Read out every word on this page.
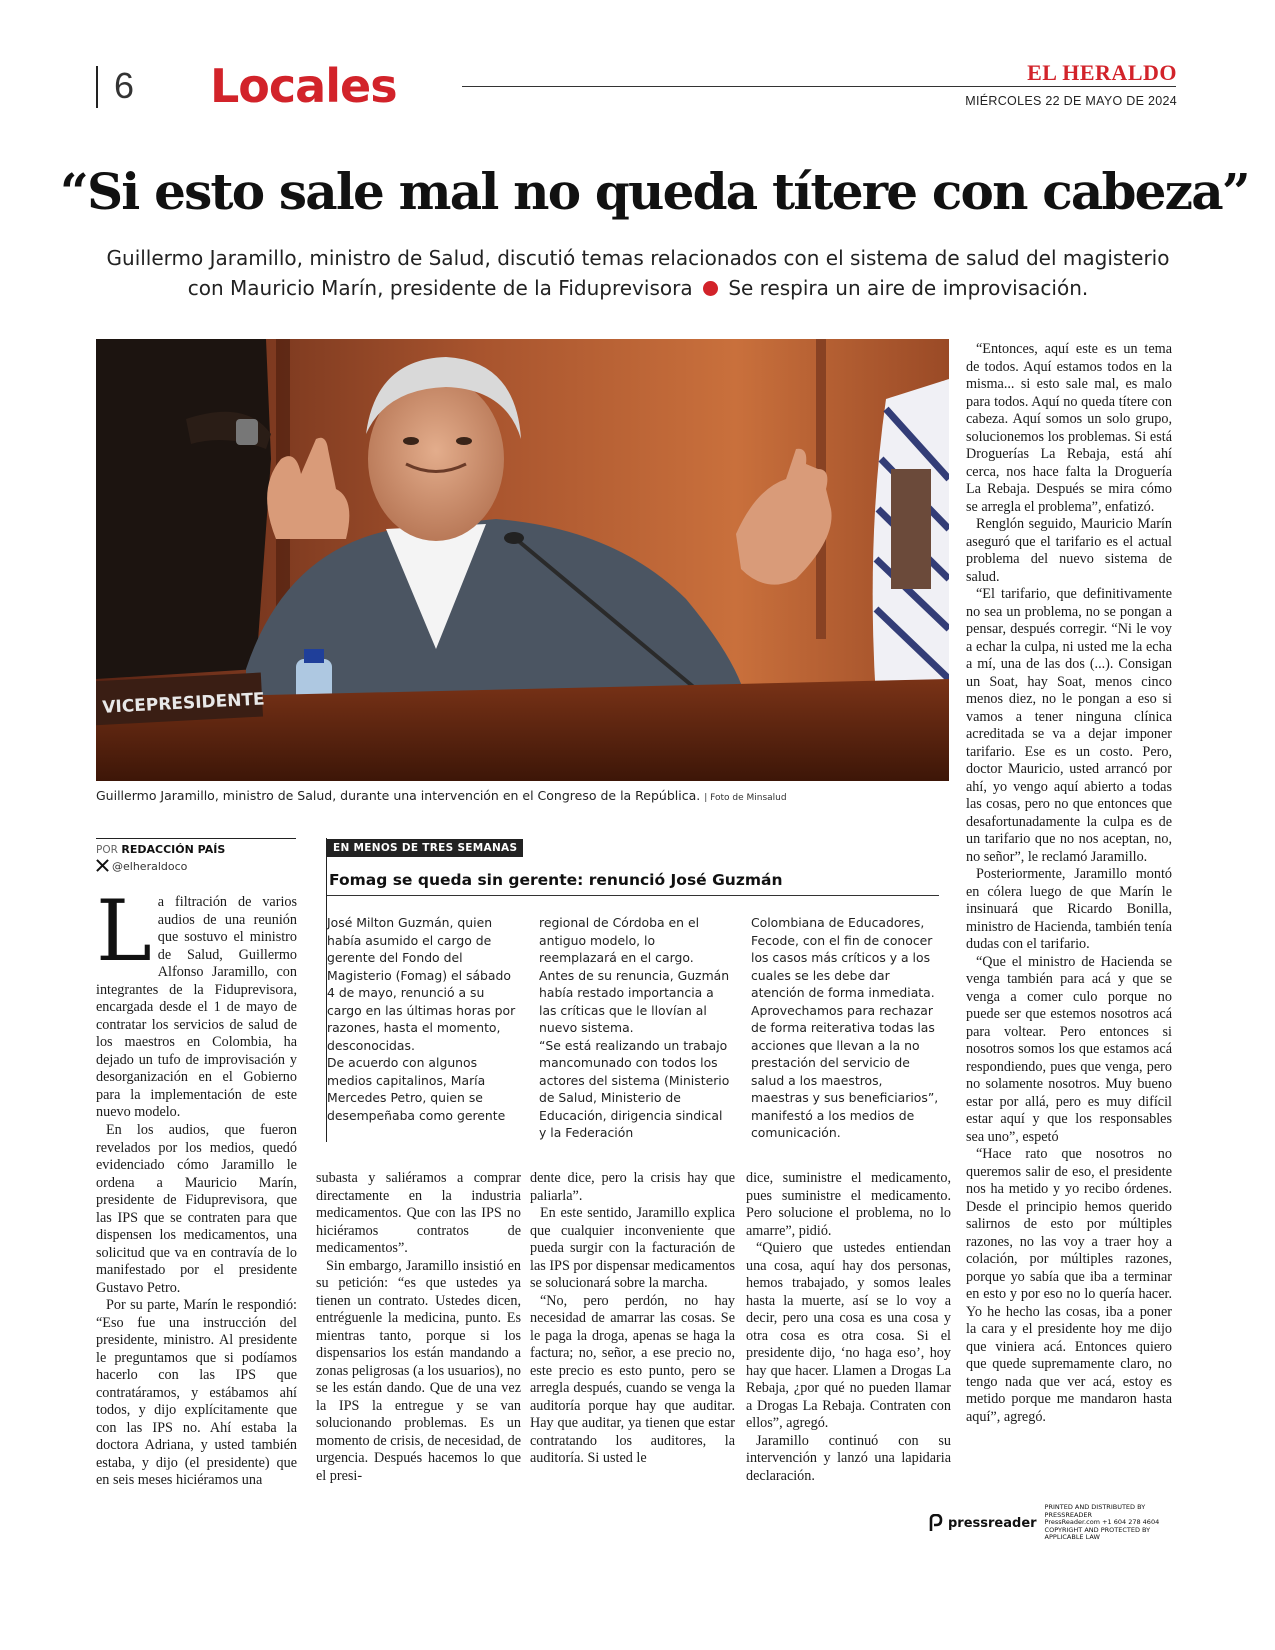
6 Locales	EL HERALDO
MIÉRCOLES 22 DE MAYO DE 2024
“Si esto sale mal no queda títere con cabeza”
Guillermo Jaramillo, ministro de Salud, discutió temas relacionados con el sistema de salud del magisterio con Mauricio Marín, presidente de la Fiduprevisora Se respira un aire de improvisación.
VICEPRESIDENTE
Guillermo Jaramillo, ministro de Salud, durante una intervención en el Congreso de la República. | Foto de Minsalud

“Entonces, aquí este es un tema de todos. Aquí estamos todos en la misma... si esto sale mal, es malo para todos. Aquí no queda títere con cabeza. Aquí somos un solo grupo, solucionemos los problemas. Si está Droguerías La Rebaja, está ahí cerca, nos hace falta la Droguería La Rebaja. Después se mira cómo se arregla el problema”, enfatizó.

Renglón seguido, Mauricio Marín aseguró que el tarifario es el actual problema del nuevo sistema de salud.

“El tarifario, que definitivamente no sea un problema, no se pongan a pensar, después corregir. “Ni le voy a echar la culpa, ni usted me la echa a mí, una de las dos (...). Consigan un Soat, hay Soat, menos cinco menos diez, no le pongan a eso si vamos a tener ninguna clínica acreditada se va a dejar imponer tarifario. Ese es un costo. Pero, doctor Mauricio, usted arrancó por ahí, yo vengo aquí abierto a todas las cosas, pero no que entonces que desafortunadamente la culpa es de un tarifario que no nos aceptan, no, no señor”, le reclamó Jaramillo.

Posteriormente, Jaramillo montó en cólera luego de que Marín le insinuará que Ricardo Bonilla, ministro de Hacienda, también tenía dudas con el tarifario.

“Que el ministro de Hacienda se venga también para acá y que se venga a comer culo porque no puede ser que estemos nosotros acá para voltear. Pero entonces si nosotros somos los que estamos acá respondiendo, pues que venga, pero no solamente nosotros. Muy bueno estar por allá, pero es muy difícil estar aquí y que los responsables sea uno”, espetó

“Hace rato que nosotros no queremos salir de eso, el presidente nos ha metido y yo recibo órdenes. Desde el principio hemos querido salirnos de esto por múltiples razones, no las voy a traer hoy a colación, por múltiples razones, porque yo sabía que iba a terminar en esto y por eso no lo quería hacer. Yo he hecho las cosas, iba a poner la cara y el presidente hoy me dijo que viniera acá. Entonces quiero que quede supremamente claro, no tengo nada que ver acá, estoy es metido porque me mandaron hasta aquí”, agregó.

POR REDACCIÓN PAÍS
@elheraldoco
L a filtración de varios audios de una reunión que sostuvo el ministro de Salud, Guillermo Alfonso Jaramillo, con integrantes de la Fiduprevisora, encargada desde el 1 de mayo de contratar los servicios de salud de los maestros en Colombia, ha dejado un tufo de improvisación y desorganización en el Gobierno para la implementación de este nuevo modelo.

EN MENOS DE TRES SEMANAS
Fomag se queda sin gerente: renunció José Guzmán

José Milton Guzmán, quien había asumido el cargo de gerente del Fondo del Magisterio (Fomag) el sábado 4 de mayo, renunció a su cargo en las últimas horas por razones, hasta el momento, desconocidas.

De acuerdo con algunos medios capitalinos, María Mercedes Petro, quien se desempeñaba como gerente

regional de Córdoba en el antiguo modelo, lo reemplazará en el cargo.

Antes de su renuncia, Guzmán había restado importancia a las críticas que le llovían al nuevo sistema.

“Se está realizando un trabajo mancomunado con todos los actores del sistema (Ministerio de Salud, Ministerio de Educación, dirigencia sindical y la Federación

Colombiana de Educadores, Fecode, con el fin de conocer los casos más críticos y a los cuales se les debe dar atención de forma inmediata. Aprovechamos para rechazar de forma reiterativa todas las acciones que llevan a la no prestación del servicio de salud a los maestros, maestras y sus beneficiarios”, manifestó a los medios de comunicación.

En los audios, que fueron revelados por los medios, quedó evidenciado cómo Jaramillo le ordena a Mauricio Marín, presidente de Fiduprevisora, que las IPS que se contraten para que dispensen los medicamentos, una solicitud que va en contravía de lo manifestado por el presidente Gustavo Petro.

Por su parte, Marín le respondió: “Eso fue una instrucción del presidente, ministro. Al presidente le preguntamos que si podíamos hacerlo con las IPS que contratáramos, y estábamos ahí todos, y dijo explícitamente que con las IPS no. Ahí estaba la doctora Adriana, y usted también estaba, y dijo (el presidente) que en seis meses hiciéramos una

subasta y saliéramos a comprar directamente en la industria medicamentos. Que con las IPS no hiciéramos contratos de medicamentos”.

Sin embargo, Jaramillo insistió en su petición: “es que ustedes ya tienen un contrato. Ustedes dicen, entréguenle la medicina, punto. Es mientras tanto, porque si los dispensarios los están mandando a zonas peligrosas (a los usuarios), no se les están dando. Que de una vez la IPS la entregue y se van solucionando problemas. Es un momento de crisis, de necesidad, de urgencia. Después hacemos lo que el presi-

dente dice, pero la crisis hay que paliarla”.

En este sentido, Jaramillo explica que cualquier inconveniente que pueda surgir con la facturación de las IPS por dispensar medicamentos se solucionará sobre la marcha.

“No, pero perdón, no hay necesidad de amarrar las cosas. Se le paga la droga, apenas se haga la factura; no, señor, a ese precio no, este precio es esto punto, pero se arregla después, cuando se venga la auditoría porque hay que auditar. Hay que auditar, ya tienen que estar contratando los auditores, la auditoría. Si usted le

dice, suministre el medicamento, pues suministre el medicamento. Pero solucione el problema, no lo amarre”, pidió.

“Quiero que ustedes entiendan una cosa, aquí hay dos personas, hemos trabajado, y somos leales hasta la muerte, así se lo voy a decir, pero una cosa es una cosa y otra cosa es otra cosa. Si el presidente dijo, ‘no haga eso’, hoy hay que hacer. Llamen a Drogas La Rebaja, ¿por qué no pueden llamar a Drogas La Rebaja. Contraten con ellos”, agregó.

Jaramillo continuó con su intervención y lanzó una lapidaria declaración.

pressreader
PRINTED AND DISTRIBUTED BY PRESSREADER
PressReader.com +1 604 278 4604
COPYRIGHT AND PROTECTED BY APPLICABLE LAW
